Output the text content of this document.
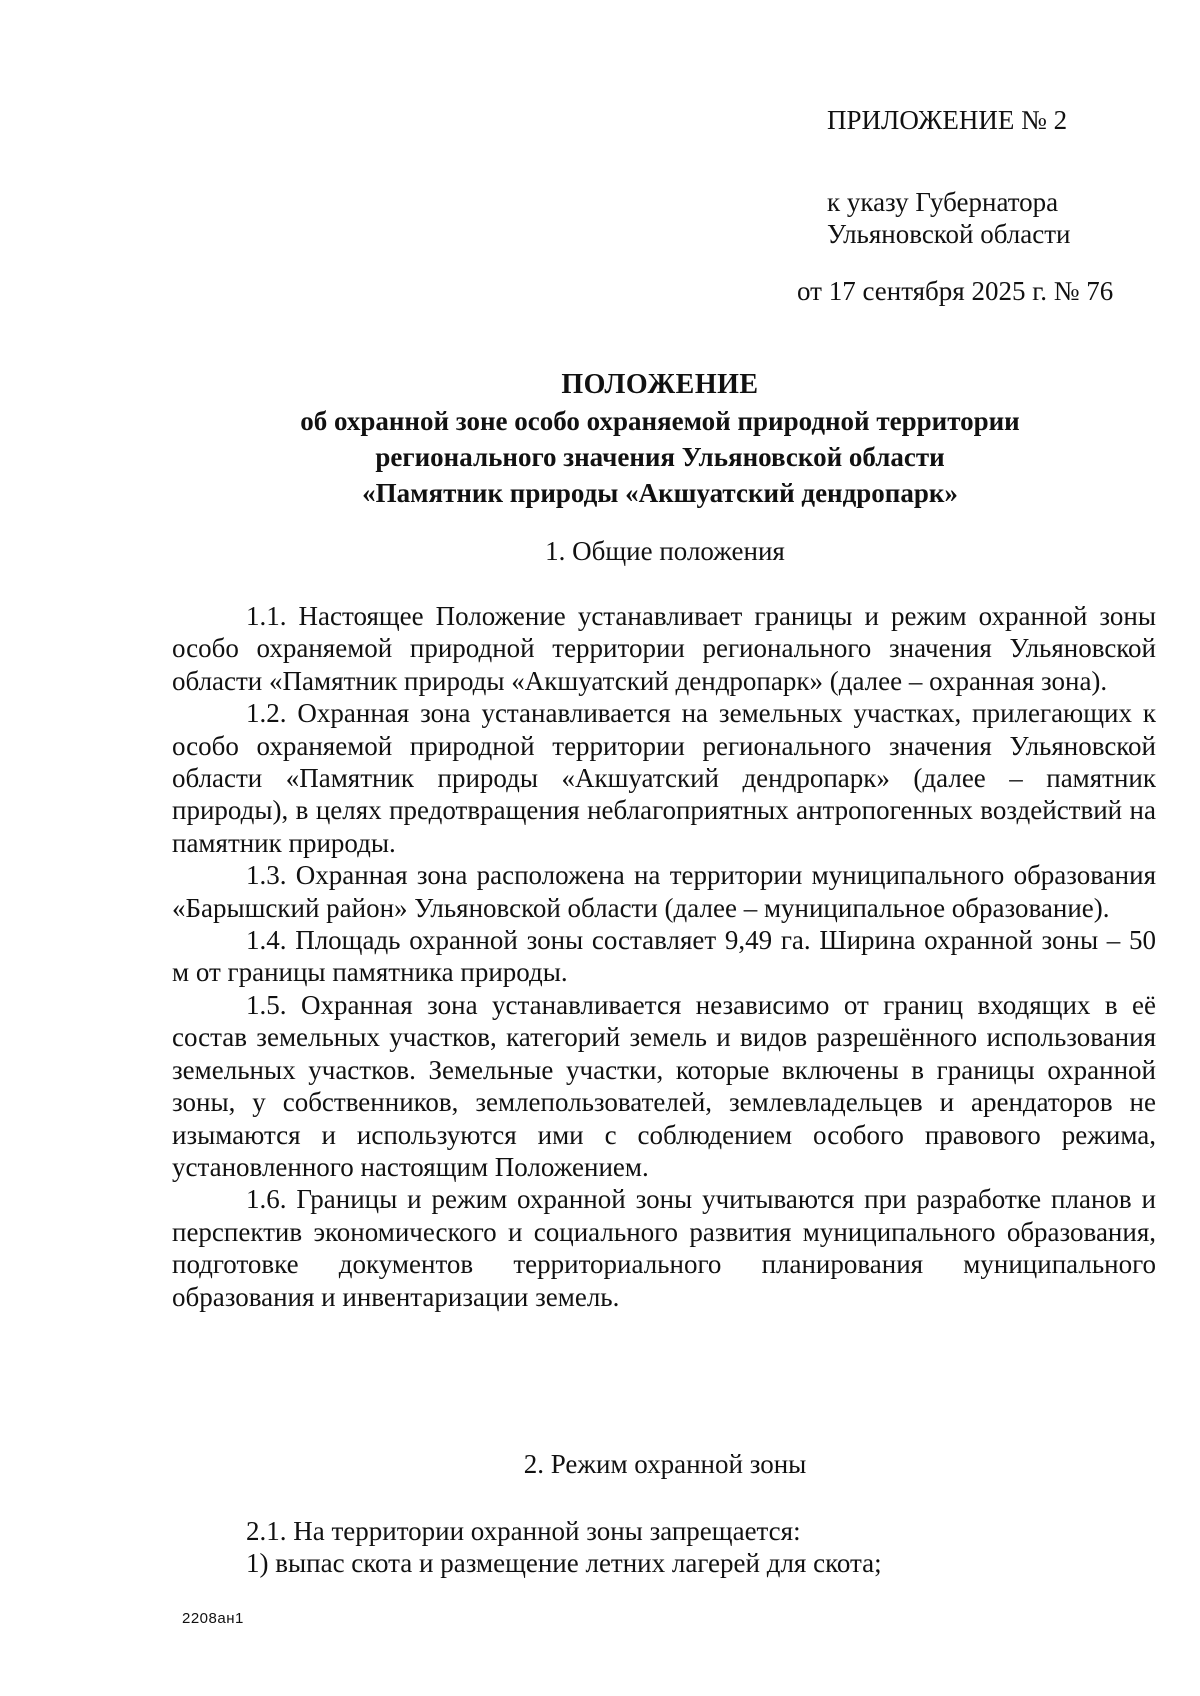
ПРИЛОЖЕНИЕ № 2
к указу Губернатора
Ульяновской области
от 17 сентября 2025 г. № 76
ПОЛОЖЕНИЕ
об охранной зоне особо охраняемой природной территории
регионального значения Ульяновской области
«Памятник природы «Акшуатский дендропарк»
1. Общие положения

1.1. Настоящее Положение устанавливает границы и режим охранной зоны особо охраняемой природной территории регионального значения Ульяновской области «Памятник природы «Акшуатский дендропарк» (далее – охранная зона).

1.2. Охранная зона устанавливается на земельных участках, прилегающих к особо охраняемой природной территории регионального значения Ульяновской области «Памятник природы «Акшуатский дендропарк» (далее – памятник природы), в целях предотвращения неблагоприятных антропогенных воздействий на памятник природы.

1.3. Охранная зона расположена на территории муниципального образования «Барышский район» Ульяновской области (далее – муниципальное образование).

1.4. Площадь охранной зоны составляет 9,49 га. Ширина охранной зоны – 50 м от границы памятника природы.

1.5. Охранная зона устанавливается независимо от границ входящих в её состав земельных участков, категорий земель и видов разрешённого использования земельных участков. Земельные участки, которые включены в границы охранной зоны, у собственников, землепользователей, землевладельцев и арендаторов не изымаются и используются ими с соблюдением особого правового режима, установленного настоящим Положением.

1.6. Границы и режим охранной зоны учитываются при разработке планов и перспектив экономического и социального развития муниципального образования, подготовке документов территориального планирования муниципального образования и инвентаризации земель.

2. Режим охранной зоны

2.1. На территории охранной зоны запрещается:

1) выпас скота и размещение летних лагерей для скота;

2208ан1
